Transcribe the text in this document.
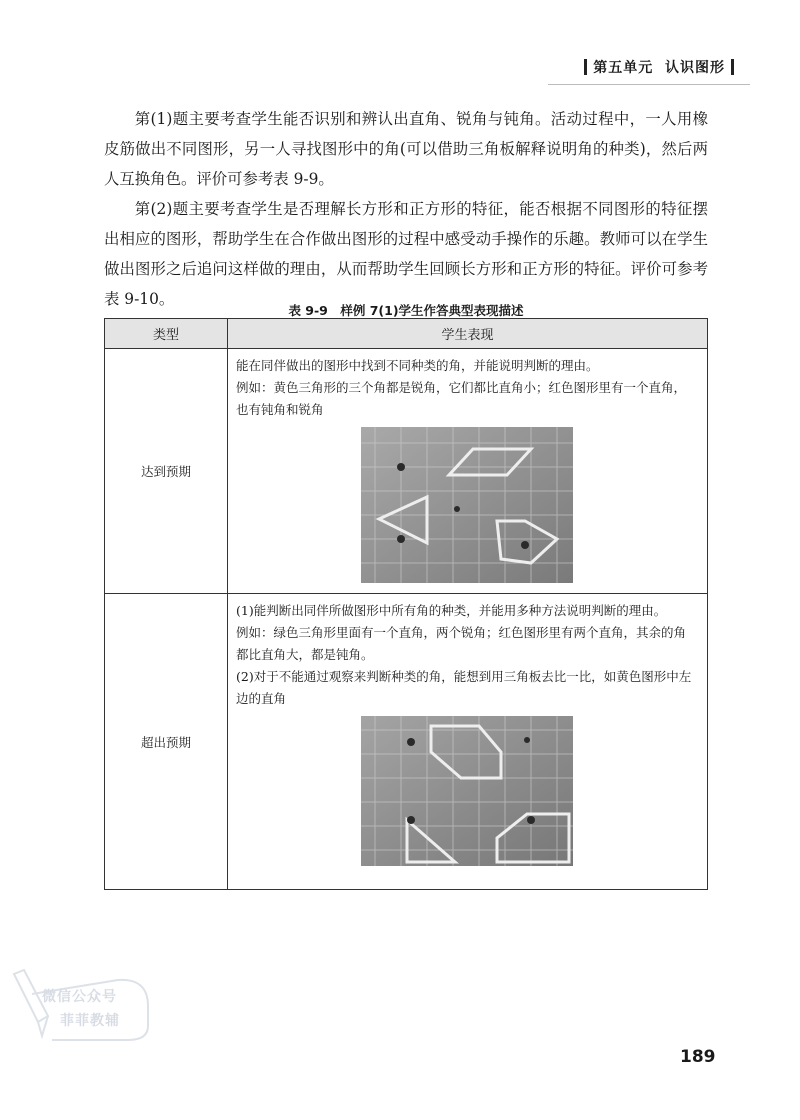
第五单元 认识图形

第(1)题主要考查学生能否识别和辨认出直角、锐角与钝角。活动过程中，一人用橡皮筋做出不同图形，另一人寻找图形中的角(可以借助三角板解释说明角的种类)，然后两人互换角色。评价可参考表 9-9。

第(2)题主要考查学生是否理解长方形和正方形的特征，能否根据不同图形的特征摆出相应的图形，帮助学生在合作做出图形的过程中感受动手操作的乐趣。教师可以在学生做出图形之后追问这样做的理由，从而帮助学生回顾长方形和正方形的特征。评价可参考表 9-10。

表 9-9　样例 7(1)学生作答典型表现描述
类型	学生表现
达到预期	能在同伴做出的图形中找到不同种类的角，并能说明判断的理由。

例如：黄色三角形的三个角都是锐角，它们都比直角小；红色图形里有一个直角，也有钝角和锐角

超出预期	(1)能判断出同伴所做图形中所有角的种类，并能用多种方法说明判断的理由。

例如：绿色三角形里面有一个直角，两个锐角；红色图形里有两个直角，其余的角都比直角大，都是钝角。

(2)对于不能通过观察来判断种类的角，能想到用三角板去比一比，如黄色图形中左边的直角

微信公众号
菲菲教辅
189
